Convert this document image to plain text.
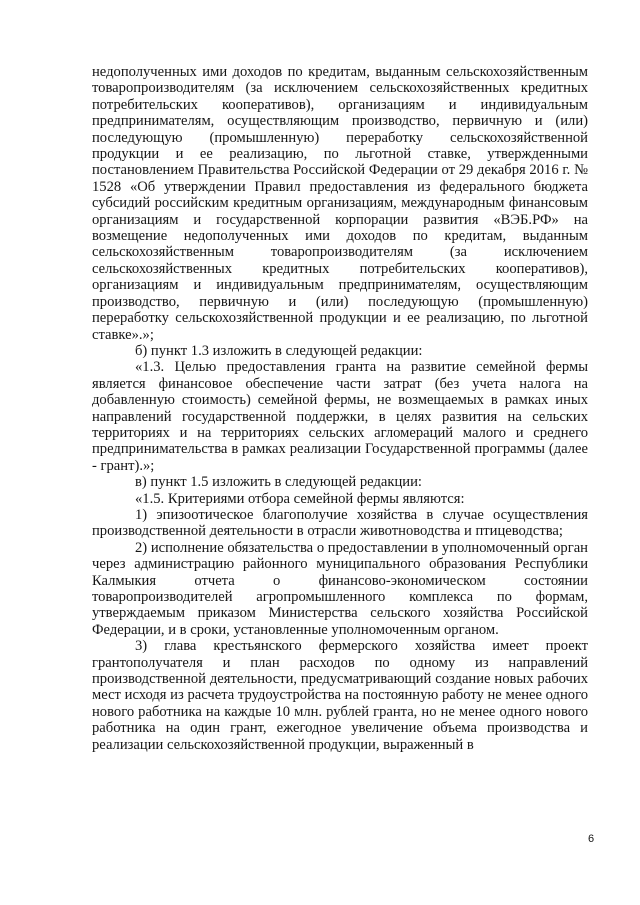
недополученных ими доходов по кредитам, выданным сельскохозяйственным товаропроизводителям (за исключением сельскохозяйственных кредитных потребительских кооперативов), организациям и индивидуальным предпринимателям, осуществляющим производство, первичную и (или) последующую (промышленную) переработку сельскохозяйственной продукции и ее реализацию, по льготной ставке, утвержденными постановлением Правительства Российской Федерации от 29 декабря 2016 г. № 1528 «Об утверждении Правил предоставления из федерального бюджета субсидий российским кредитным организациям, международным финансовым организациям и государственной корпорации развития «ВЭБ.РФ» на возмещение недополученных ими доходов по кредитам, выданным сельскохозяйственным товаропроизводителям (за исключением сельскохозяйственных кредитных потребительских кооперативов), организациям и индивидуальным предпринимателям, осуществляющим производство, первичную и (или) последующую (промышленную) переработку сельскохозяйственной продукции и ее реализацию, по льготной ставке».»;

б) пункт 1.3 изложить в следующей редакции:

«1.3. Целью предоставления гранта на развитие семейной фермы является финансовое обеспечение части затрат (без учета налога на добавленную стоимость) семейной фермы, не возмещаемых в рамках иных направлений государственной поддержки, в целях развития на сельских территориях и на территориях сельских агломераций малого и среднего предпринимательства в рамках реализации Государственной программы (далее - грант).»;

в) пункт 1.5 изложить в следующей редакции:

«1.5. Критериями отбора семейной фермы являются:

1) эпизоотическое благополучие хозяйства в случае осуществления производственной деятельности в отрасли животноводства и птицеводства;

2) исполнение обязательства о предоставлении в уполномоченный орган через администрацию районного муниципального образования Республики Калмыкия отчета о финансово-экономическом состоянии товаропроизводителей агропромышленного комплекса по формам, утверждаемым приказом Министерства сельского хозяйства Российской Федерации, и в сроки, установленные уполномоченным органом.

3) глава крестьянского фермерского хозяйства имеет проект грантополучателя и план расходов по одному из направлений производственной деятельности, предусматривающий создание новых рабочих мест исходя из расчета трудоустройства на постоянную работу не менее одного нового работника на каждые 10 млн. рублей гранта, но не менее одного нового работника на один грант, ежегодное увеличение объема производства и реализации сельскохозяйственной продукции, выраженный в

6
